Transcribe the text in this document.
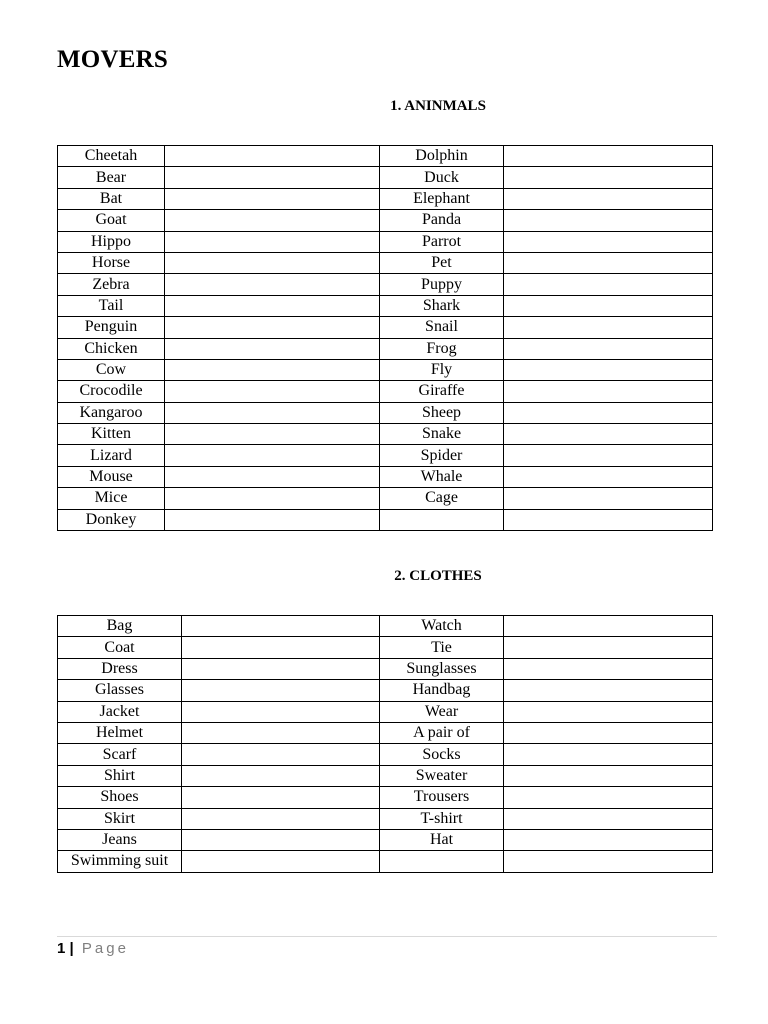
MOVERS
1. ANINMALS
Cheetah		Dolphin	
Bear		Duck	
Bat		Elephant	
Goat		Panda	
Hippo		Parrot	
Horse		Pet	
Zebra		Puppy	
Tail		Shark	
Penguin		Snail	
Chicken		Frog	
Cow		Fly	
Crocodile		Giraffe	
Kangaroo		Sheep	
Kitten		Snake	
Lizard		Spider	
Mouse		Whale	
Mice		Cage	
Donkey			
2. CLOTHES
Bag		Watch	
Coat		Tie	
Dress		Sunglasses	
Glasses		Handbag	
Jacket		Wear	
Helmet		A pair of	
Scarf		Socks	
Shirt		Sweater	
Shoes		Trousers	
Skirt		T-shirt	
Jeans		Hat	
Swimming suit			
1 | Page
